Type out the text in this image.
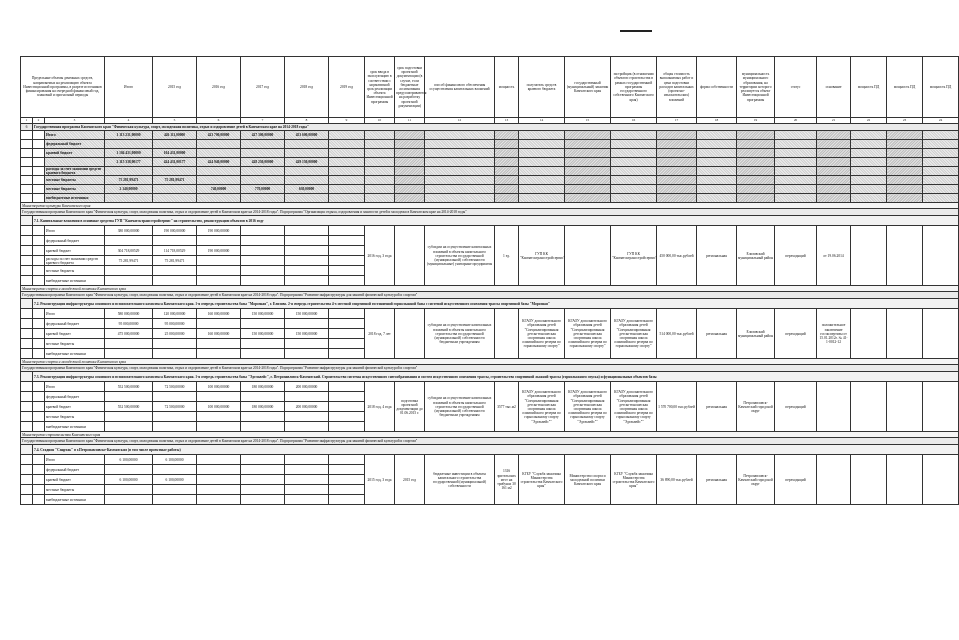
Предельные объемы денежных средств, направляемых на реализацию объекта Инвестиционной программы, в разрезе источников финансирования на очередной финансовый год, плановый и прогнозный периоды			Итого	2015 год	2016 год	2017 год	2018 год	2019 год	срок ввода в эксплуатацию в соответствии с нормативной срок реализации объекта Инвестиционной программы	срок подготовки проектной документации (в случае, если бюджетные ассигнования предусматриваются на разработку проектной документации)	способ финансового обеспечения осуществления капитальных вложений	мощность	получатель средств краевого бюджета	государственный (муниципальный) заказчик Камчатского края	застройщик (в отношении объектов строительства в рамках государственной программы государственного собственного Камчатского края)	общая стоимость выполняемых работ и цена подготовки расходов капитальных (проектно-изыскательских) вложений	форма собственности	муниципальность муниципального образования, на территории которого реализуется объект Инвестиционной программы	статус	основание	мощность ПД	мощность ПД	мощность ПД
1	2	3	4	5	6	7	8	9	10	11	12	13	14	15	16	17	18	19	20	21	22	23	24
6	Государственная программа Камчатского края "Физическая культура, спорт, молодежная политика, отдых и оздоровление детей в Камчатском крае на 2014-2018 годы"																						
		Итого	1 113 231,00000	426 111,00000	423 700,00000	427 300,00000	453 600,00000																
		федеральный бюджет																					
		краевой бюджет	1 104 431,00000	104 431,00000																			
			2 115 338,00177	424 431,00177	424 940,00000	428 250,00000	429 150,00000																
		расходы за счет экономии средств краевого бюджета																					
		местные бюджеты	75 281,99471	75 281,99471																			
		местные бюджеты	2 140,00000		740,00000	770,00000	630,00000																
		внебюджетные источники																					
Министерство культуры Камчатского края																							
Государственная программа Камчатского края "Физическая культура, спорт, молодежная политика, отдых и оздоровление детей в Камчатском крае на 2014-2018 годы". Подпрограмма "Организация отдыха, оздоровления и занятости детей и молодежи в Камчатском крае на 2014-2018 годы"																							
	7.1. Капитальные вложения в основные средства ГУП "Камчатсктрансстройсервис" на строительство, реконструкцию объектов в 2016 году																						
		Итого	380 000,00000	190 000,00000	190 000,00000				2016 год, 3 года		субсидии на осуществление капитальных вложений в объекты капитального строительства государственной (муниципальной) собственности (муниципальные) унитарные предприятия	1 ед.	ГУП КК "Камчатсктрансстройсервис"		ГУП КК "Камчатсктрансстройсервис"	450 000,00 тыс.рублей	региональная	Елизовский муниципальный район	переходящий	от 19.06.2014			
		федеральный бюджет																					
		краевой бюджет	304 718,00529	114 718,00529	190 000,00000																		
		расходы за счет экономии средств краевого бюджета	75 281,99471	75 281,99471																			
		местные бюджеты																					
		внебюджетные источники																					
Министерство спорта и молодежной политики Камчатского края																							
Государственная программа Камчатского края "Физическая культура, спорт, молодежная политика, отдых и оздоровление детей в Камчатском крае на 2014-2018 годы". Подпрограмма "Развитие инфраструктуры для занятий физической культурой и спортом"																							
	7.2. Реконструкция инфраструктуры основного и вспомогательного комплекса Камчатского края. 1-я очередь строительства базы "Морозная", г. Елизово. 2-я очередь строительства 4-х местной спортивной гостиничной горнолыжной базы с системой искусственного оснежения трассы спортивной базы "Морозная"																						
		Итого	580 000,00000	120 000,00000	160 000,00000	150 000,00000	150 000,00000		2018 год, 7 лет		субсидии на осуществление капитальных вложений в объекты капитального строительства государственной (муниципальной) собственности бюджетным учреждениям		КГАОУ дополнительного образования детей "Специализированная детско-юношеская спортивная школа олимпийского резерва по горнолыжному спорту"	КГАОУ дополнительного образования детей "Специализированная детско-юношеская спортивная школа олимпийского резерва по горнолыжному спорту"	КГАОУ дополнительного образования детей "Специализированная детско-юношеская спортивная школа олимпийского резерва по горнолыжному спорту"	514 000,00 тыс.рублей	региональная	Елизовский муниципальный район	переходящий	положительное заключение госэкспертизы от 15.01.2012г. № 41-1-0012-12			
		федеральный бюджет	95 000,00000	95 000,00000																			
		краевой бюджет	475 000,00000	25 000,00000	160 000,00000	150 000,00000	150 000,00000																
		местные бюджеты																					
		внебюджетные источники																					
Министерство спорта и молодежной политики Камчатского края																							
Государственная программа Камчатского края "Физическая культура, спорт, молодежная политика, отдых и оздоровление детей в Камчатском крае на 2014-2018 годы". Подпрограмма "Развитие инфраструктуры для занятий физической культурой и спортом"																							
	7.3. Реконструкция инфраструктуры основного и вспомогательного комплекса Камчатского края. 1-я очередь строительства базы "Эдельвейс", г. Петропавловск-Камчатский. Строительство системы искусственного снегообразования и систем искусственного оснежения трассы, строительство спортивной лыжной трассы (горнолыжного спуска) и функциональных объектов базы																						
		Итого	552 500,00000	72 500,00000	100 000,00000	180 000,00000	200 000,00000		2018 год, 4 года	подготовка проектной документации до 01.06.2015 г.	субсидии на осуществление капитальных вложений в объекты капитального строительства государственной (муниципальной) собственности бюджетным учреждениям	3577 тыс.м2	КГАОУ дополнительного образования детей "Специализированная детско-юношеская спортивная школа олимпийского резерва по горнолыжному спорту "Эдельвейс""	КГАОУ дополнительного образования детей "Специализированная детско-юношеская спортивная школа олимпийского резерва по горнолыжному спорту "Эдельвейс""	КГАОУ дополнительного образования детей "Специализированная детско-юношеская спортивная школа олимпийского резерва по горнолыжному спорту "Эдельвейс""	1 570 700,00 тыс.рублей	региональная	Петропавловск-Камчатский городской округ	переходящий				
		федеральный бюджет																					
		краевой бюджет	552 500,00000	72 500,00000	100 000,00000	180 000,00000	200 000,00000																
		местные бюджеты																					
		внебюджетные источники																					
Министерство строительства Камчатского края																							
Государственная программа Камчатского края "Физическая культура, спорт, молодежная политика, отдых и оздоровление детей в Камчатском крае на 2014-2018 годы". Подпрограмма "Развитие инфраструктуры для занятий физической культурой и спортом"																							
	7.4. Стадион "Спартак" в г.Петропавловске-Камчатском (в том числе проектные работы)																						
		Итого	6 100,00000	6 100,00000					2015 год, 3 года	2015 год	бюджетные инвестиции в объекты капитального строительства государственной (муниципальной) собственности	1316 зрительских мест на трибунах 30 161 м2	КГБУ "Служба заказчика Министерства строительства Камчатского края"	Министерство спорта и молодежной политики Камчатского края	КГБУ "Служба заказчика Министерства строительства Камчатского края"	36 890,00 тыс.рублей	региональная	Петропавловск-Камчатский городской округ	переходящий				
		федеральный бюджет																					
		краевой бюджет	6 100,00000	6 100,00000																			
		местные бюджеты																					
		внебюджетные источники																					
